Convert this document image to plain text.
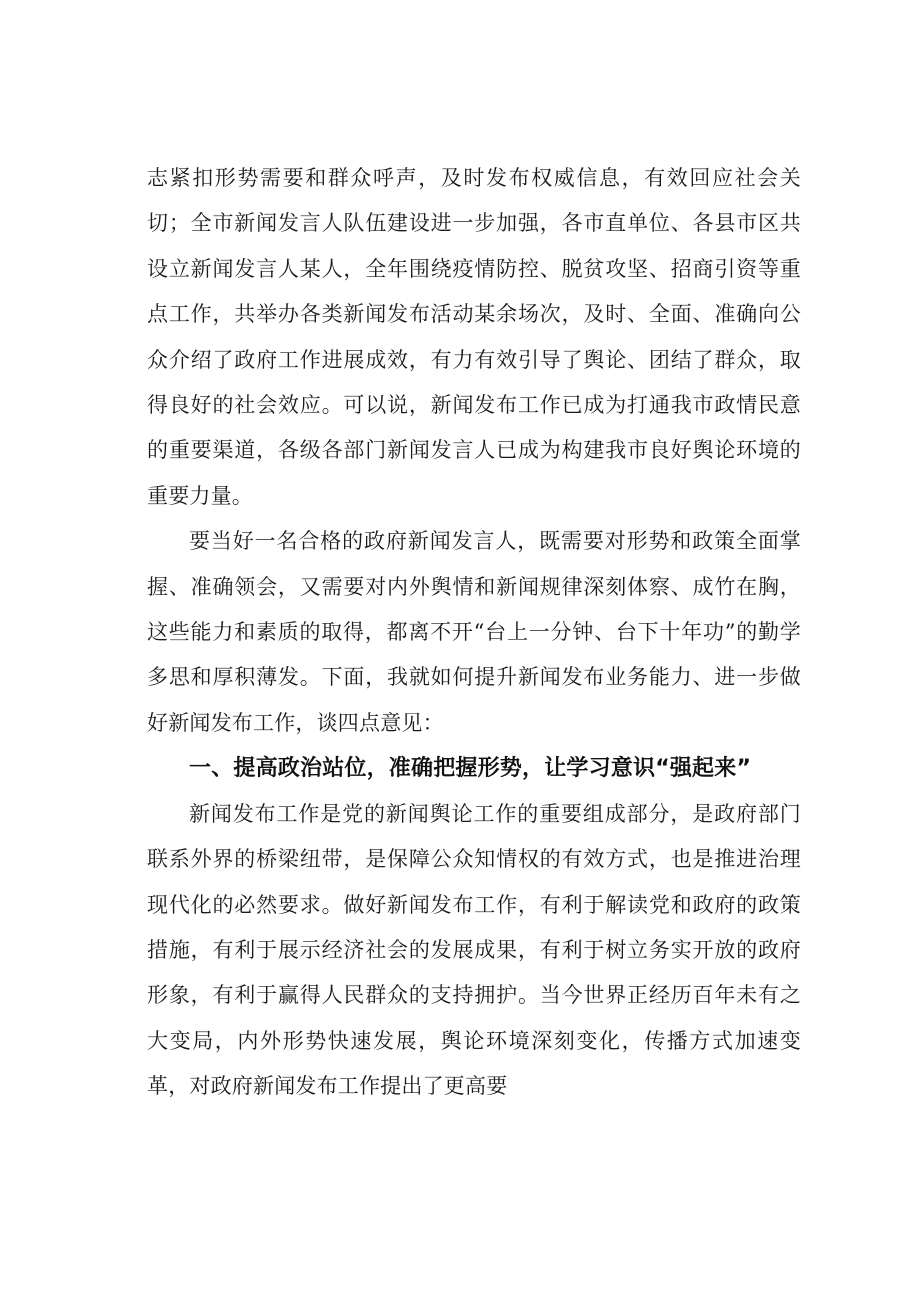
志紧扣形势需要和群众呼声，及时发布权威信息，有效回应社会关切；全市新闻发言人队伍建设进一步加强，各市直单位、各县市区共设立新闻发言人某人，全年围绕疫情防控、脱贫攻坚、招商引资等重点工作，共举办各类新闻发布活动某余场次，及时、全面、准确向公众介绍了政府工作进展成效，有力有效引导了舆论、团结了群众，取得良好的社会效应。可以说，新闻发布工作已成为打通我市政情民意的重要渠道，各级各部门新闻发言人已成为构建我市良好舆论环境的重要力量。

要当好一名合格的政府新闻发言人，既需要对形势和政策全面掌握、准确领会，又需要对内外舆情和新闻规律深刻体察、成竹在胸，这些能力和素质的取得，都离不开“台上一分钟、台下十年功”的勤学多思和厚积薄发。下面，我就如何提升新闻发布业务能力、进一步做好新闻发布工作，谈四点意见：

一、提高政治站位，准确把握形势，让学习意识“强起来”

新闻发布工作是党的新闻舆论工作的重要组成部分，是政府部门联系外界的桥梁纽带，是保障公众知情权的有效方式，也是推进治理现代化的必然要求。做好新闻发布工作，有利于解读党和政府的政策措施，有利于展示经济社会的发展成果，有利于树立务实开放的政府形象，有利于赢得人民群众的支持拥护。当今世界正经历百年未有之大变局，内外形势快速发展，舆论环境深刻变化，传播方式加速变革，对政府新闻发布工作提出了更高要
